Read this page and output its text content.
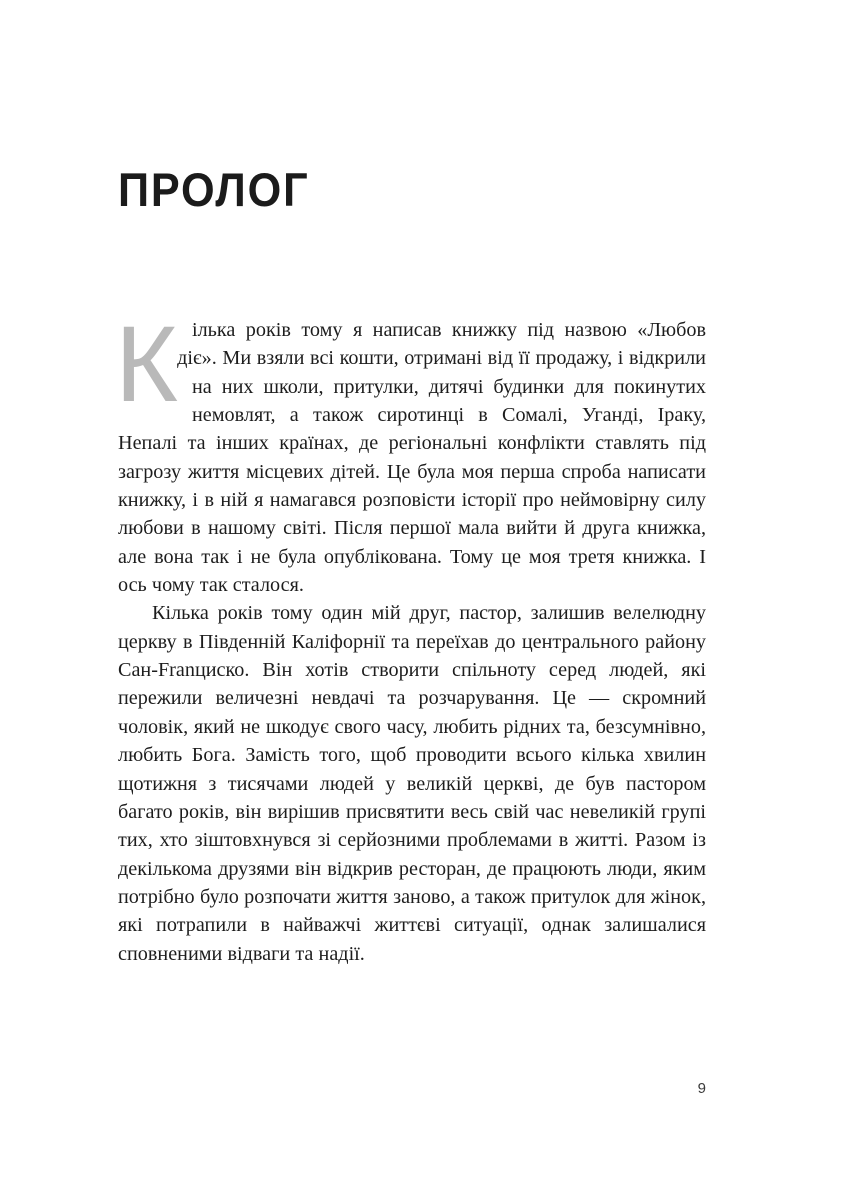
ПРОЛОГ

Кілька років тому я написав книжку під назвою «Любов діє». Ми взяли всі кошти, отримані від її продажу, і відкрили на них школи, притулки, дитячі будинки для покинутих немовлят, а також сиротинці в Сомалі, Уганді, Іраку, Непалі та інших країнах, де регіональні конфлікти ставлять під загрозу життя місцевих дітей. Це була моя перша спроба написати книжку, і в ній я намагався розповісти історії про неймовірну силу любови в нашому світі. Після першої мала вийти й друга книжка, але вона так і не була опублікована. Тому це моя третя книжка. І ось чому так сталося.

Кілька років тому один мій друг, пастор, залишив велелюдну церкву в Південній Каліфорнії та переїхав до центрального району Сан-Franциско. Він хотів створити спільноту серед людей, які пережили величезні невдачі та розчарування. Це — скромний чоловік, який не шкодує свого часу, любить рідних та, безсумнівно, любить Бога. Замість того, щоб проводити всього кілька хвилин щотижня з тисячами людей у великій церкві, де був пастором багато років, він вирішив присвятити весь свій час невеликій групі тих, хто зіштовхнувся зі серйозними проблемами в житті. Разом із декількома друзями він відкрив ресторан, де працюють люди, яким потрібно було розпочати життя заново, а також притулок для жінок, які потрапили в найважчі життєві ситуації, однак залишалися сповненими відваги та надії.

9
